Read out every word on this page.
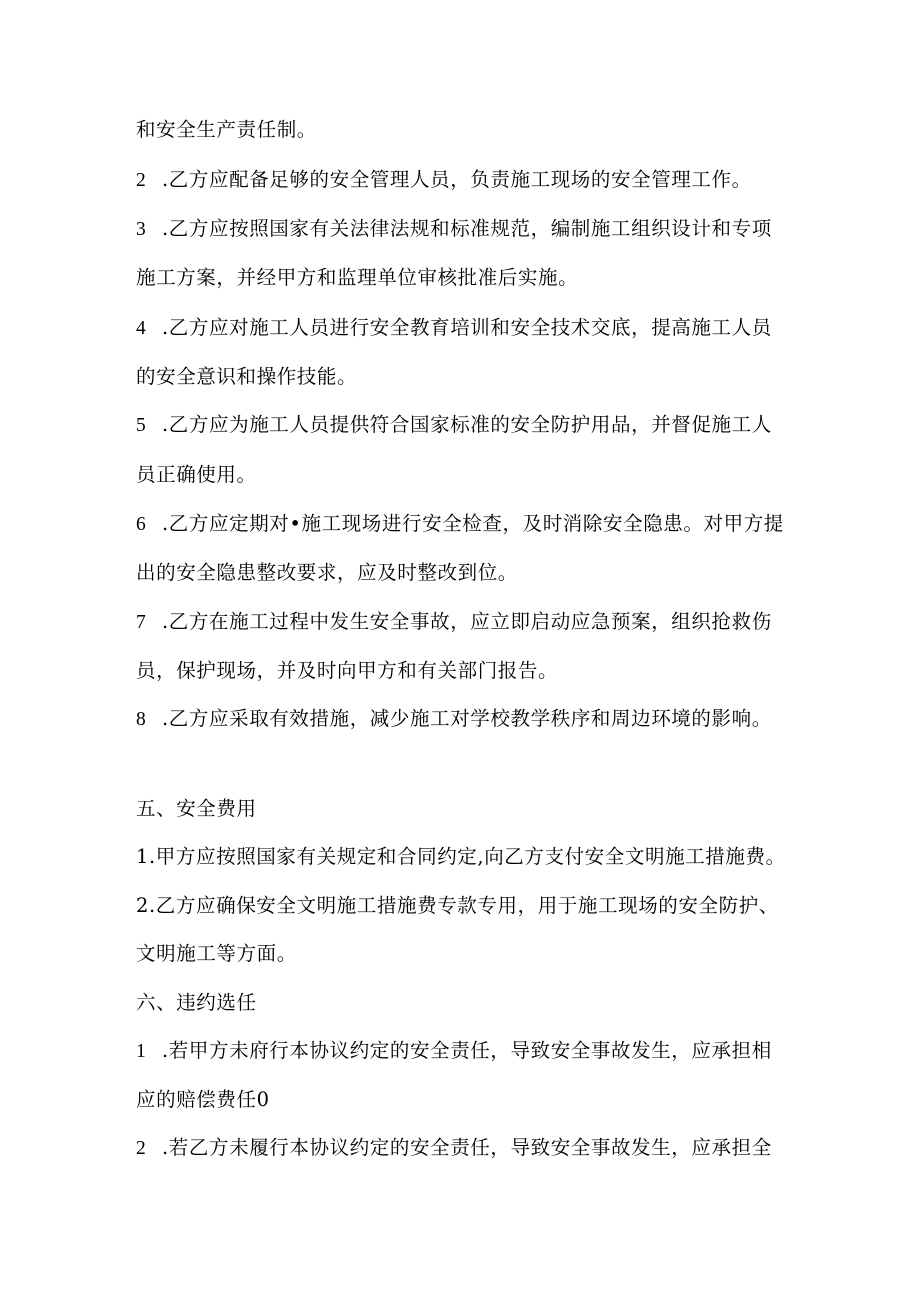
和安全生产责任制。
2 .乙方应配备足够的安全管理人员，负责施工现场的安全管理工作。
3 .乙方应按照国家有关法律法规和标准规范，编制施工组织设计和专项
施工方案，并经甲方和监理单位审核批准后实施。
4 .乙方应对施工人员进行安全教育培训和安全技术交底，提高施工人员
的安全意识和操作技能。
5 .乙方应为施工人员提供符合国家标准的安全防护用品，并督促施工人
员正确使用。
6 .乙方应定期对•施工现场进行安全检查，及时消除安全隐患。对甲方提
出的安全隐患整改要求，应及时整改到位。
7 .乙方在施工过程中发生安全事故，应立即启动应急预案，组织抢救伤
员，保护现场，并及时向甲方和有关部门报告。
8 .乙方应采取有效措施，减少施工对学校教学秩序和周边环境的影响。
五、安全费用
1.甲方应按照国家有关规定和合同约定,向乙方支付安全文明施工措施费。
2.乙方应确保安全文明施工措施费专款专用，用于施工现场的安全防护、
文明施工等方面。
六、违约选任
1 .若甲方未府行本协议约定的安全责任，导致安全事故发生，应承担相
应的赔偿费任0
2 .若乙方未履行本协议约定的安全责任，导致安全事故发生，应承担全
